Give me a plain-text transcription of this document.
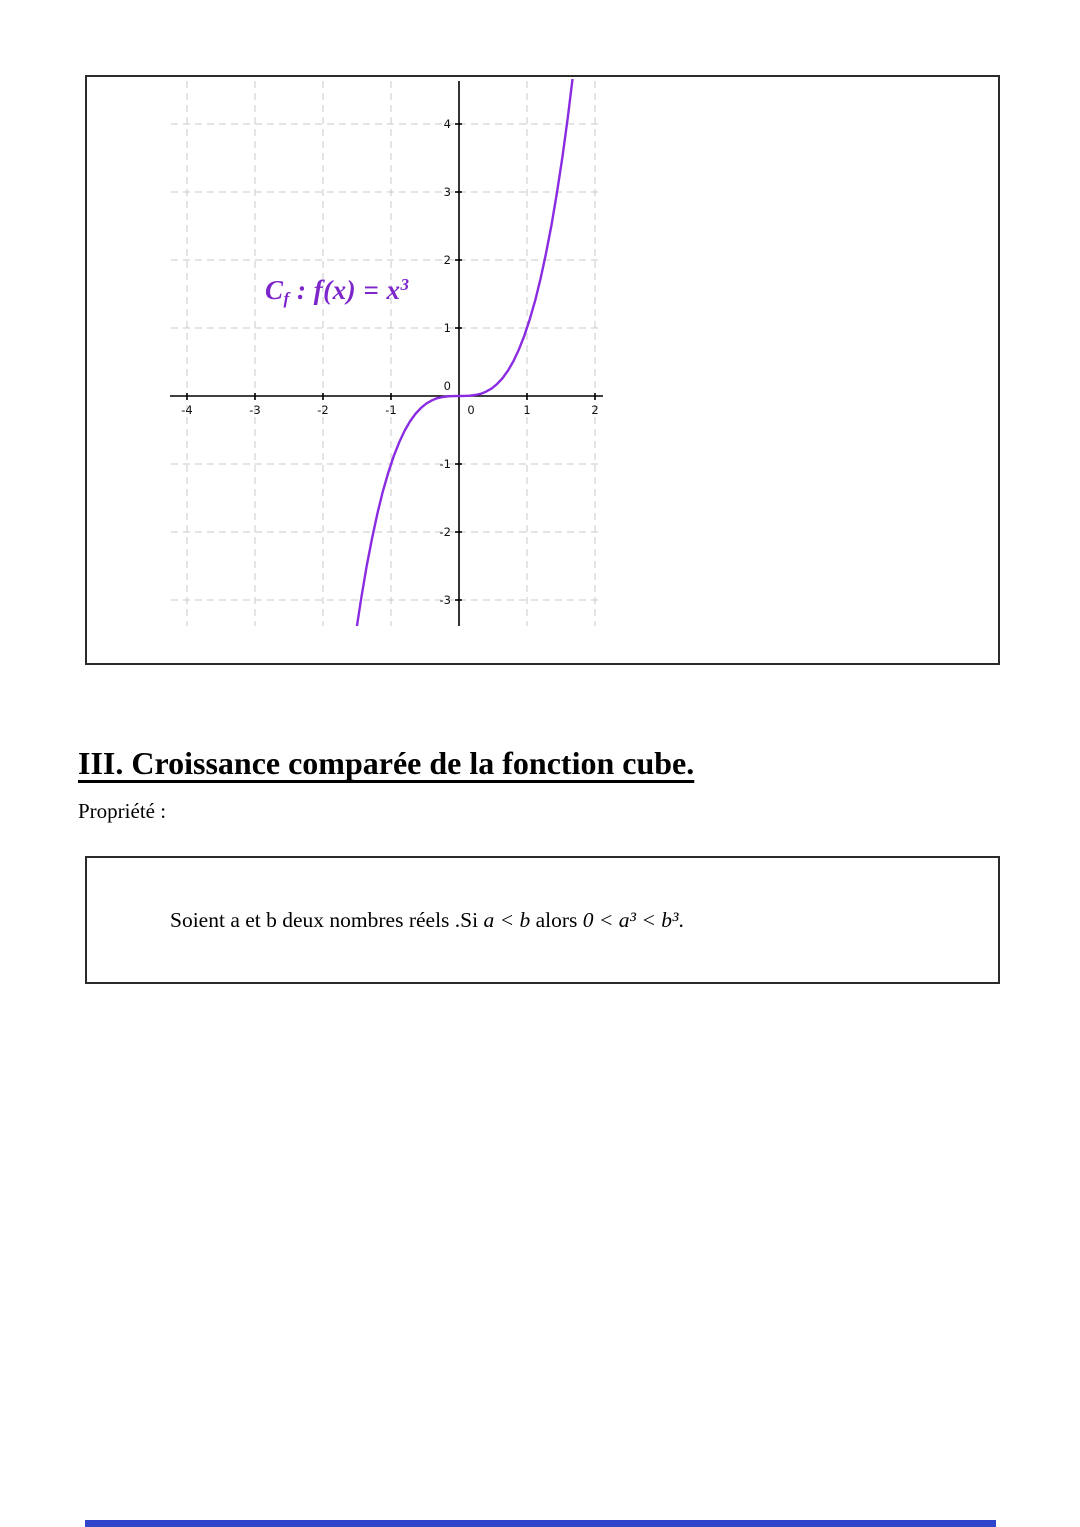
-4	-3	-2	-1	0	1	2
-3
-2
-1
1
2
3
4
0
$C_f$ : $f(x) = x^3$
III. Croissance comparée de la fonction cube.
Propriété :
Soient a et b deux nombres réels .Si a < b alors 0 < a³ < b³.
